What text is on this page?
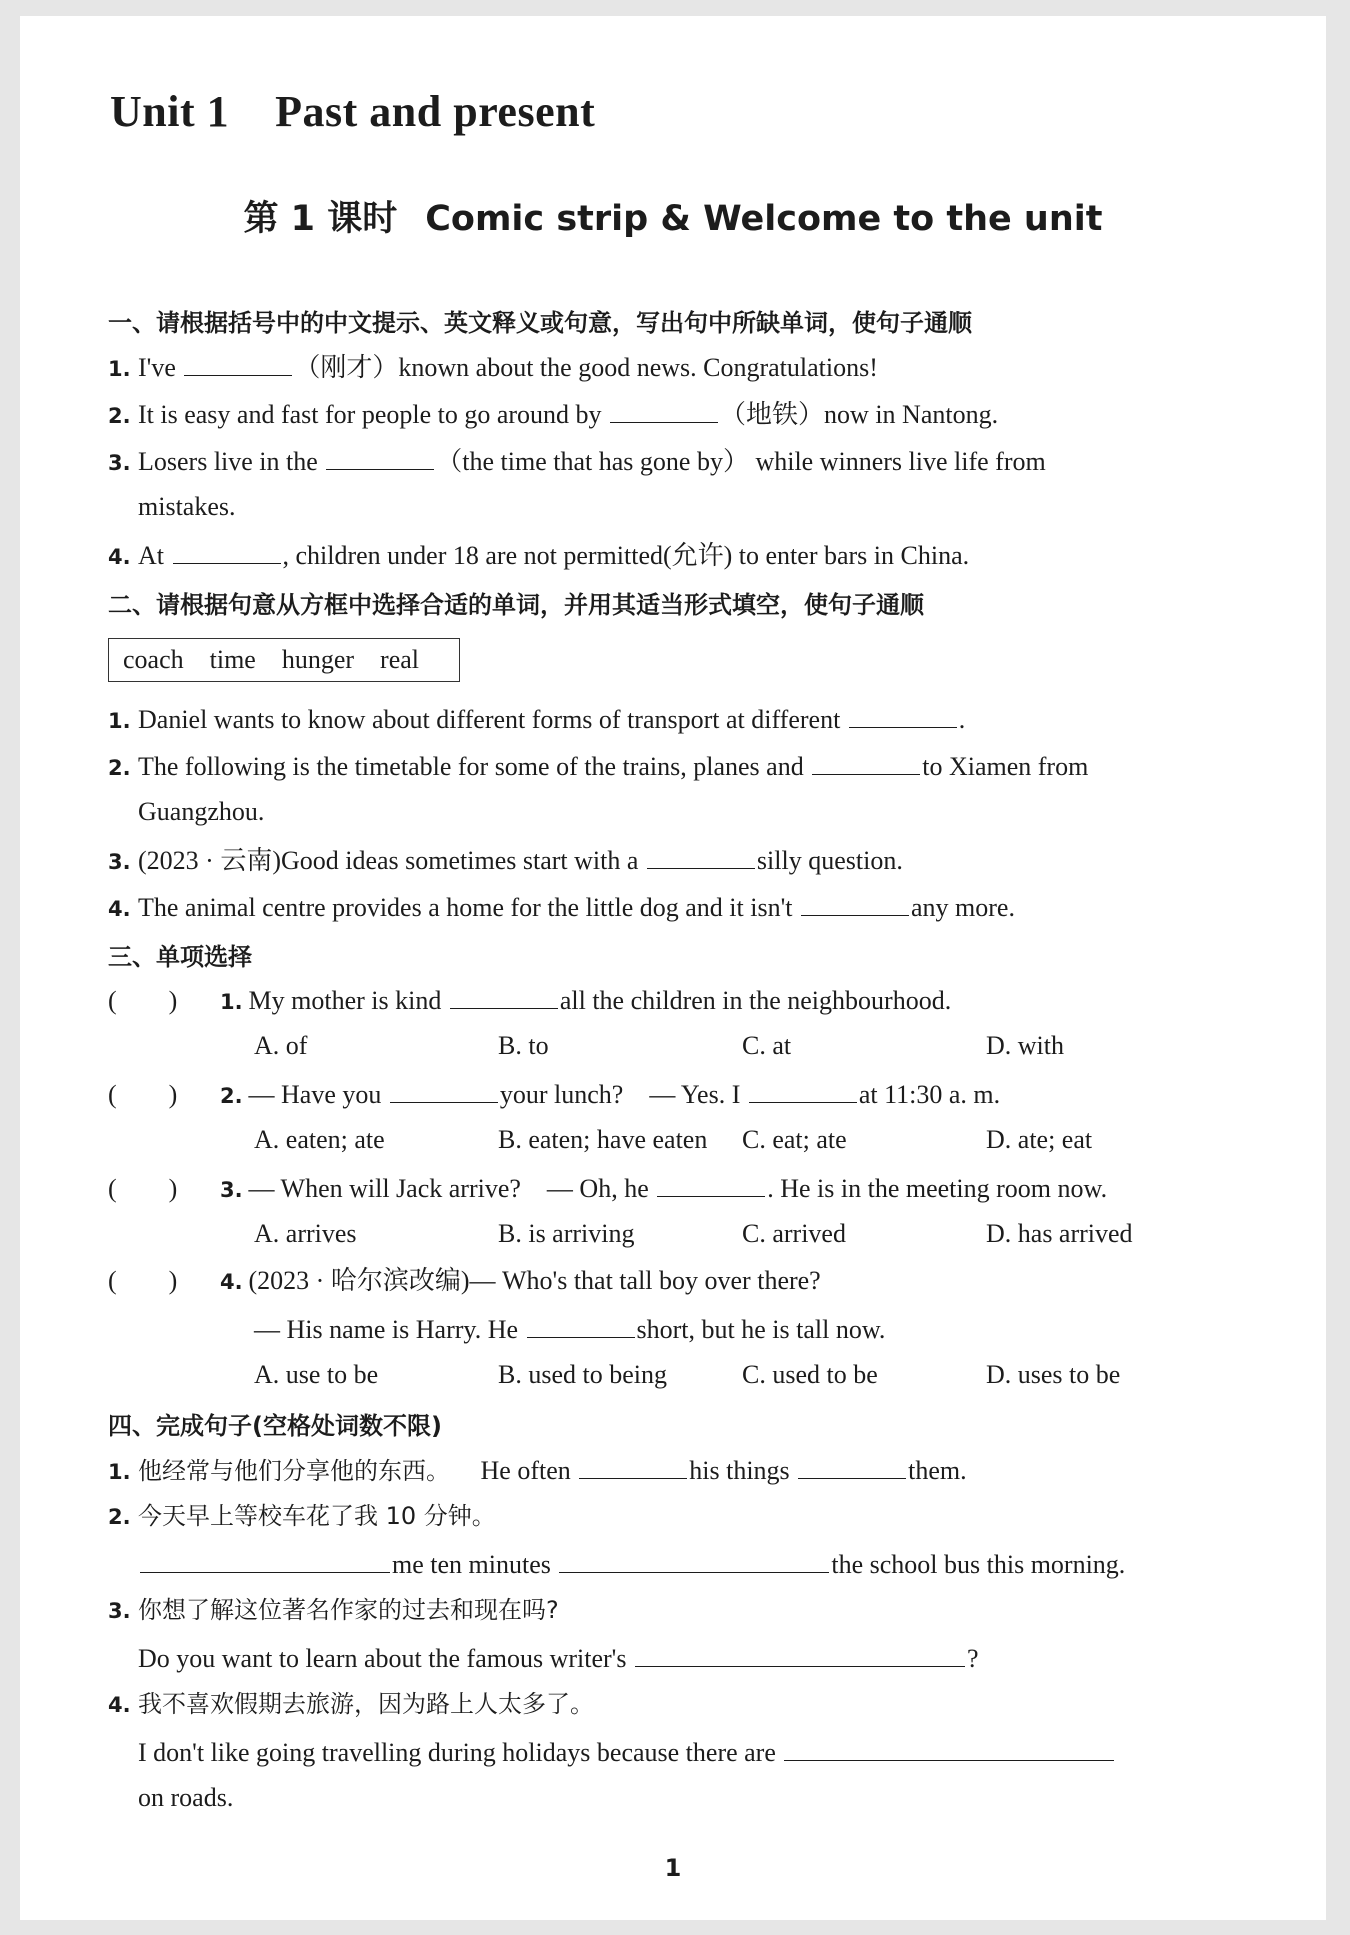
Unit 1 Past and present
第 1 课时 Comic strip & Welcome to the unit
一、请根据括号中的中文提示、英文释义或句意，写出句中所缺单词，使句子通顺
1. I've	（刚才）known about the good news. Congratulations!
2. It is easy and fast for people to go around by	（地铁）now in Nantong.
3. Losers live in the	（the time that has gone by） while winners live life from
mistakes.
4. At	, children under 18 are not permitted(允许) to enter bars in China.
二、请根据句意从方框中选择合适的单词，并用其适当形式填空，使句子通顺
coach time hunger real
1. Daniel wants to know about different forms of transport at different	.
2. The following is the timetable for some of the trains, planes and	to Xiamen from
Guangzhou.
3. (2023 · 云南)Good ideas sometimes start with a	silly question.
4. The animal centre provides a home for the little dog and it isn't	any more.
三、单项选择
(　　) 1. My mother is kind	all the children in the neighbourhood.
A. of	B. to	C. at	D. with
(　　) 2. — Have you	your lunch?　— Yes. I	at 11:30 a. m.
A. eaten; ate	B. eaten; have eaten C. eat; ate	D. ate; eat
(　　) 3. — When will Jack arrive?　— Oh, he	. He is in the meeting room now.
A. arrives	B. is arriving	C. arrived	D. has arrived
(　　) 4. (2023 · 哈尔滨改编)— Who's that tall boy over there?
— His name is Harry. He	short, but he is tall now.
A. use to be	B. used to being	C. used to be	D. uses to be
四、完成句子(空格处词数不限)
1. 他经常与他们分享他的东西。 He often	his things	them.
2. 今天早上等校车花了我 10 分钟。
me ten minutes	the school bus this morning.
3. 你想了解这位著名作家的过去和现在吗?
Do you want to learn about the famous writer's	?
4. 我不喜欢假期去旅游，因为路上人太多了。
I don't like going travelling during holidays because there are
on roads.
1
